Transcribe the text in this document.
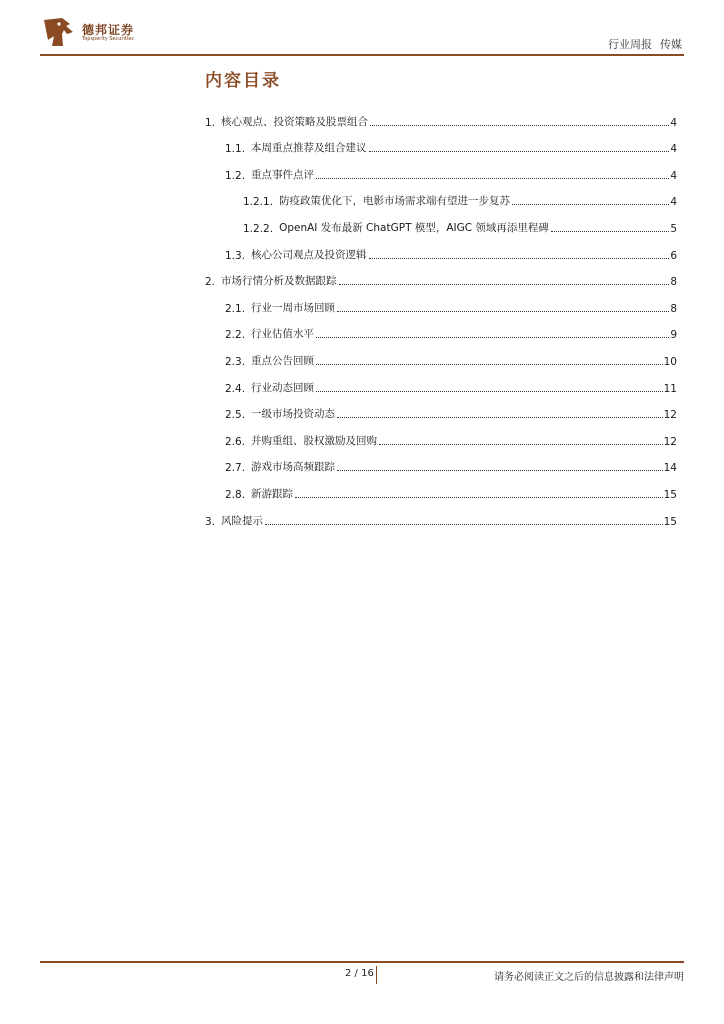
德邦证券
Topsperity Securities	行业周报 传媒
内容目录
1. 核心观点、投资策略及股票组合	4
1.1. 本周重点推荐及组合建议	4
1.2. 重点事件点评	4
1.2.1. 防疫政策优化下，电影市场需求端有望进一步复苏	4
1.2.2. OpenAI 发布最新 ChatGPT 模型，AIGC 领域再添里程碑	5
1.3. 核心公司观点及投资逻辑	6
2. 市场行情分析及数据跟踪	8
2.1. 行业一周市场回顾	8
2.2. 行业估值水平	9
2.3. 重点公告回顾	10
2.4. 行业动态回顾	11
2.5. 一级市场投资动态	12
2.6. 并购重组、股权激励及回购	12
2.7. 游戏市场高频跟踪	14
2.8. 新游跟踪	15
3. 风险提示	15
2 / 16	请务必阅读正文之后的信息披露和法律声明
